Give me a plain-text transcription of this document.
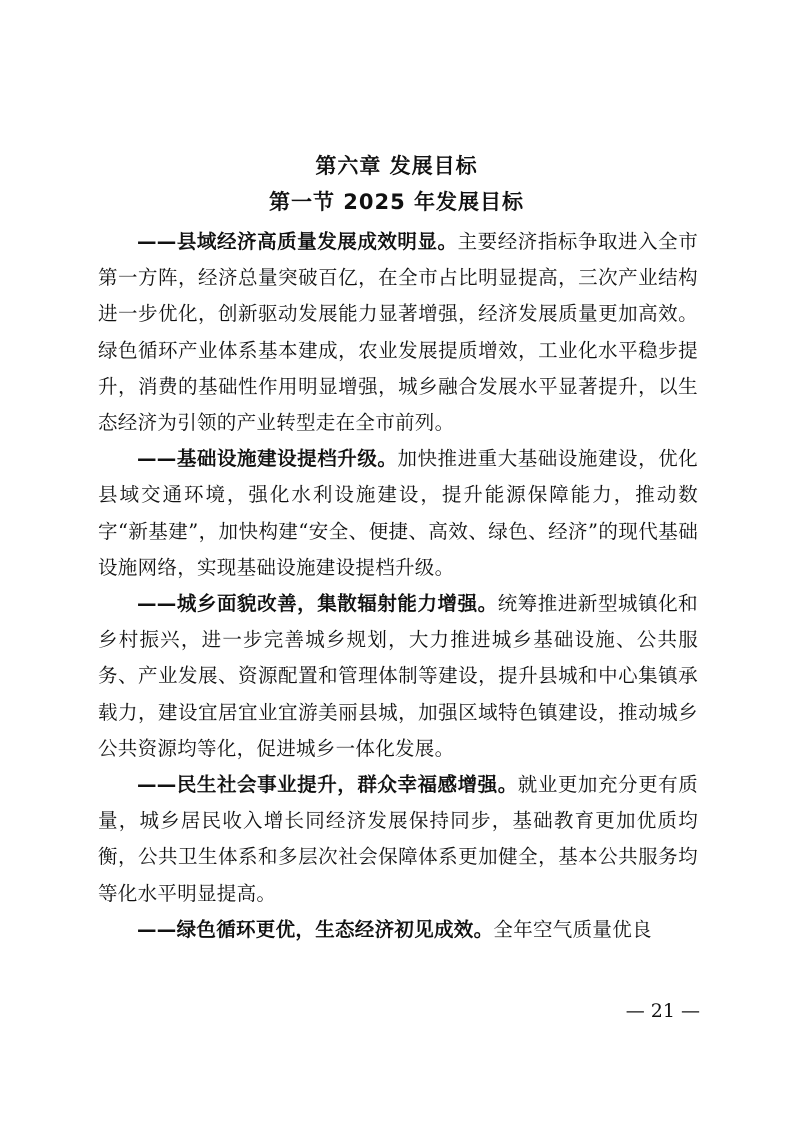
第六章 发展目标
第一节 2025 年发展目标

——县域经济高质量发展成效明显。主要经济指标争取进入全市第一方阵，经济总量突破百亿，在全市占比明显提高，三次产业结构进一步优化，创新驱动发展能力显著增强，经济发展质量更加高效。绿色循环产业体系基本建成，农业发展提质增效，工业化水平稳步提升，消费的基础性作用明显增强，城乡融合发展水平显著提升，以生态经济为引领的产业转型走在全市前列。

——基础设施建设提档升级。加快推进重大基础设施建设，优化县域交通环境，强化水利设施建设，提升能源保障能力，推动数字“新基建”，加快构建“安全、便捷、高效、绿色、经济”的现代基础设施网络，实现基础设施建设提档升级。

——城乡面貌改善，集散辐射能力增强。统筹推进新型城镇化和乡村振兴，进一步完善城乡规划，大力推进城乡基础设施、公共服务、产业发展、资源配置和管理体制等建设，提升县城和中心集镇承载力，建设宜居宜业宜游美丽县城，加强区域特色镇建设，推动城乡公共资源均等化，促进城乡一体化发展。

——民生社会事业提升，群众幸福感增强。就业更加充分更有质量，城乡居民收入增长同经济发展保持同步，基础教育更加优质均衡，公共卫生体系和多层次社会保障体系更加健全，基本公共服务均等化水平明显提高。

——绿色循环更优，生态经济初见成效。全年空气质量优良

— 21 —
